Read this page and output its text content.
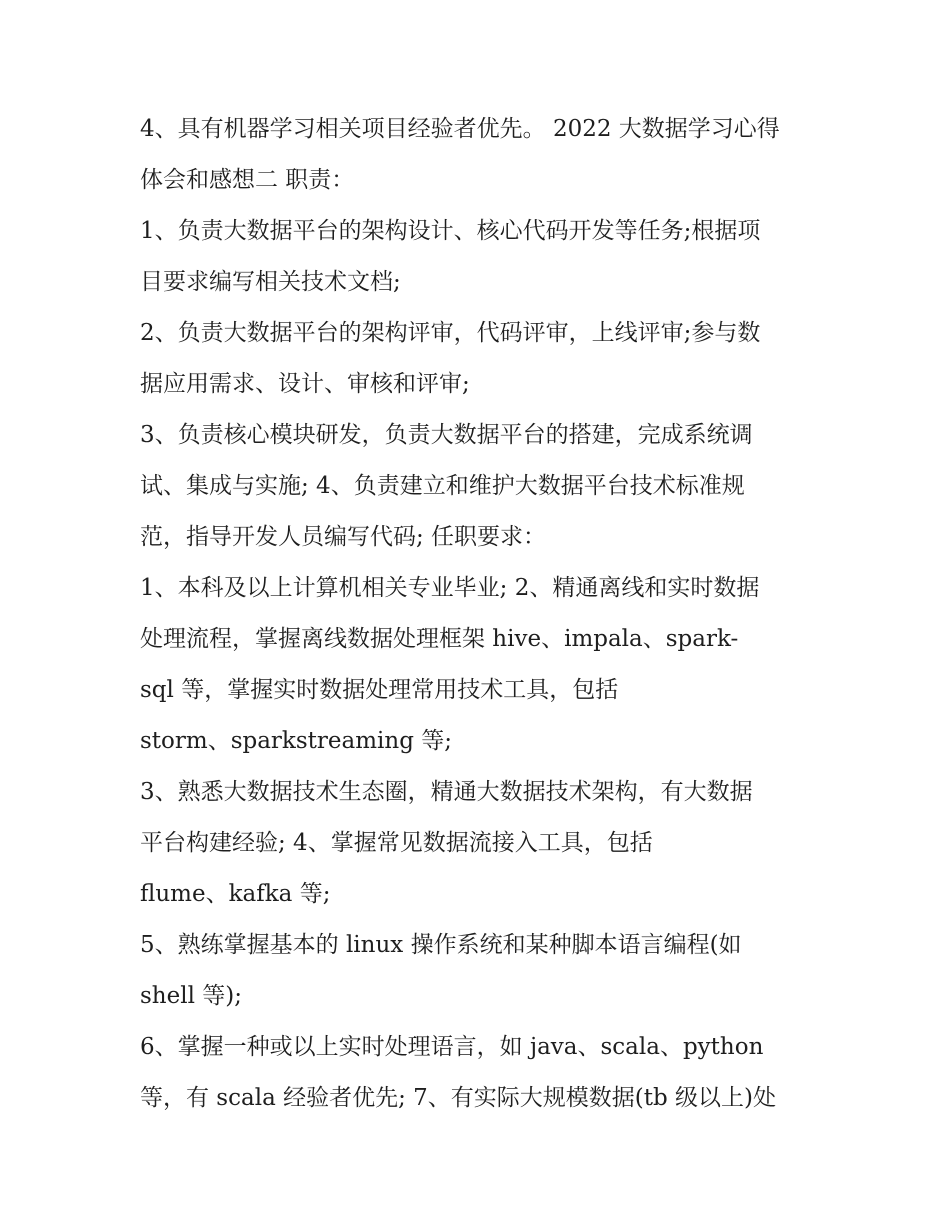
4、具有机器学习相关项目经验者优先。 2022 大数据学习心得
体会和感想二 职责：
1、负责大数据平台的架构设计、核心代码开发等任务;根据项
目要求编写相关技术文档;
2、负责大数据平台的架构评审，代码评审，上线评审;参与数
据应用需求、设计、审核和评审;
3、负责核心模块研发，负责大数据平台的搭建，完成系统调
试、集成与实施; 4、负责建立和维护大数据平台技术标准规
范，指导开发人员编写代码; 任职要求：
1、本科及以上计算机相关专业毕业; 2、精通离线和实时数据
处理流程，掌握离线数据处理框架 hive、impala、spark-
sql 等，掌握实时数据处理常用技术工具，包括
storm、sparkstreaming 等;
3、熟悉大数据技术生态圈，精通大数据技术架构，有大数据
平台构建经验; 4、掌握常见数据流接入工具，包括
flume、kafka 等;
5、熟练掌握基本的 linux 操作系统和某种脚本语言编程(如
shell 等);
6、掌握一种或以上实时处理语言，如 java、scala、python
等，有 scala 经验者优先; 7、有实际大规模数据(tb 级以上)处
